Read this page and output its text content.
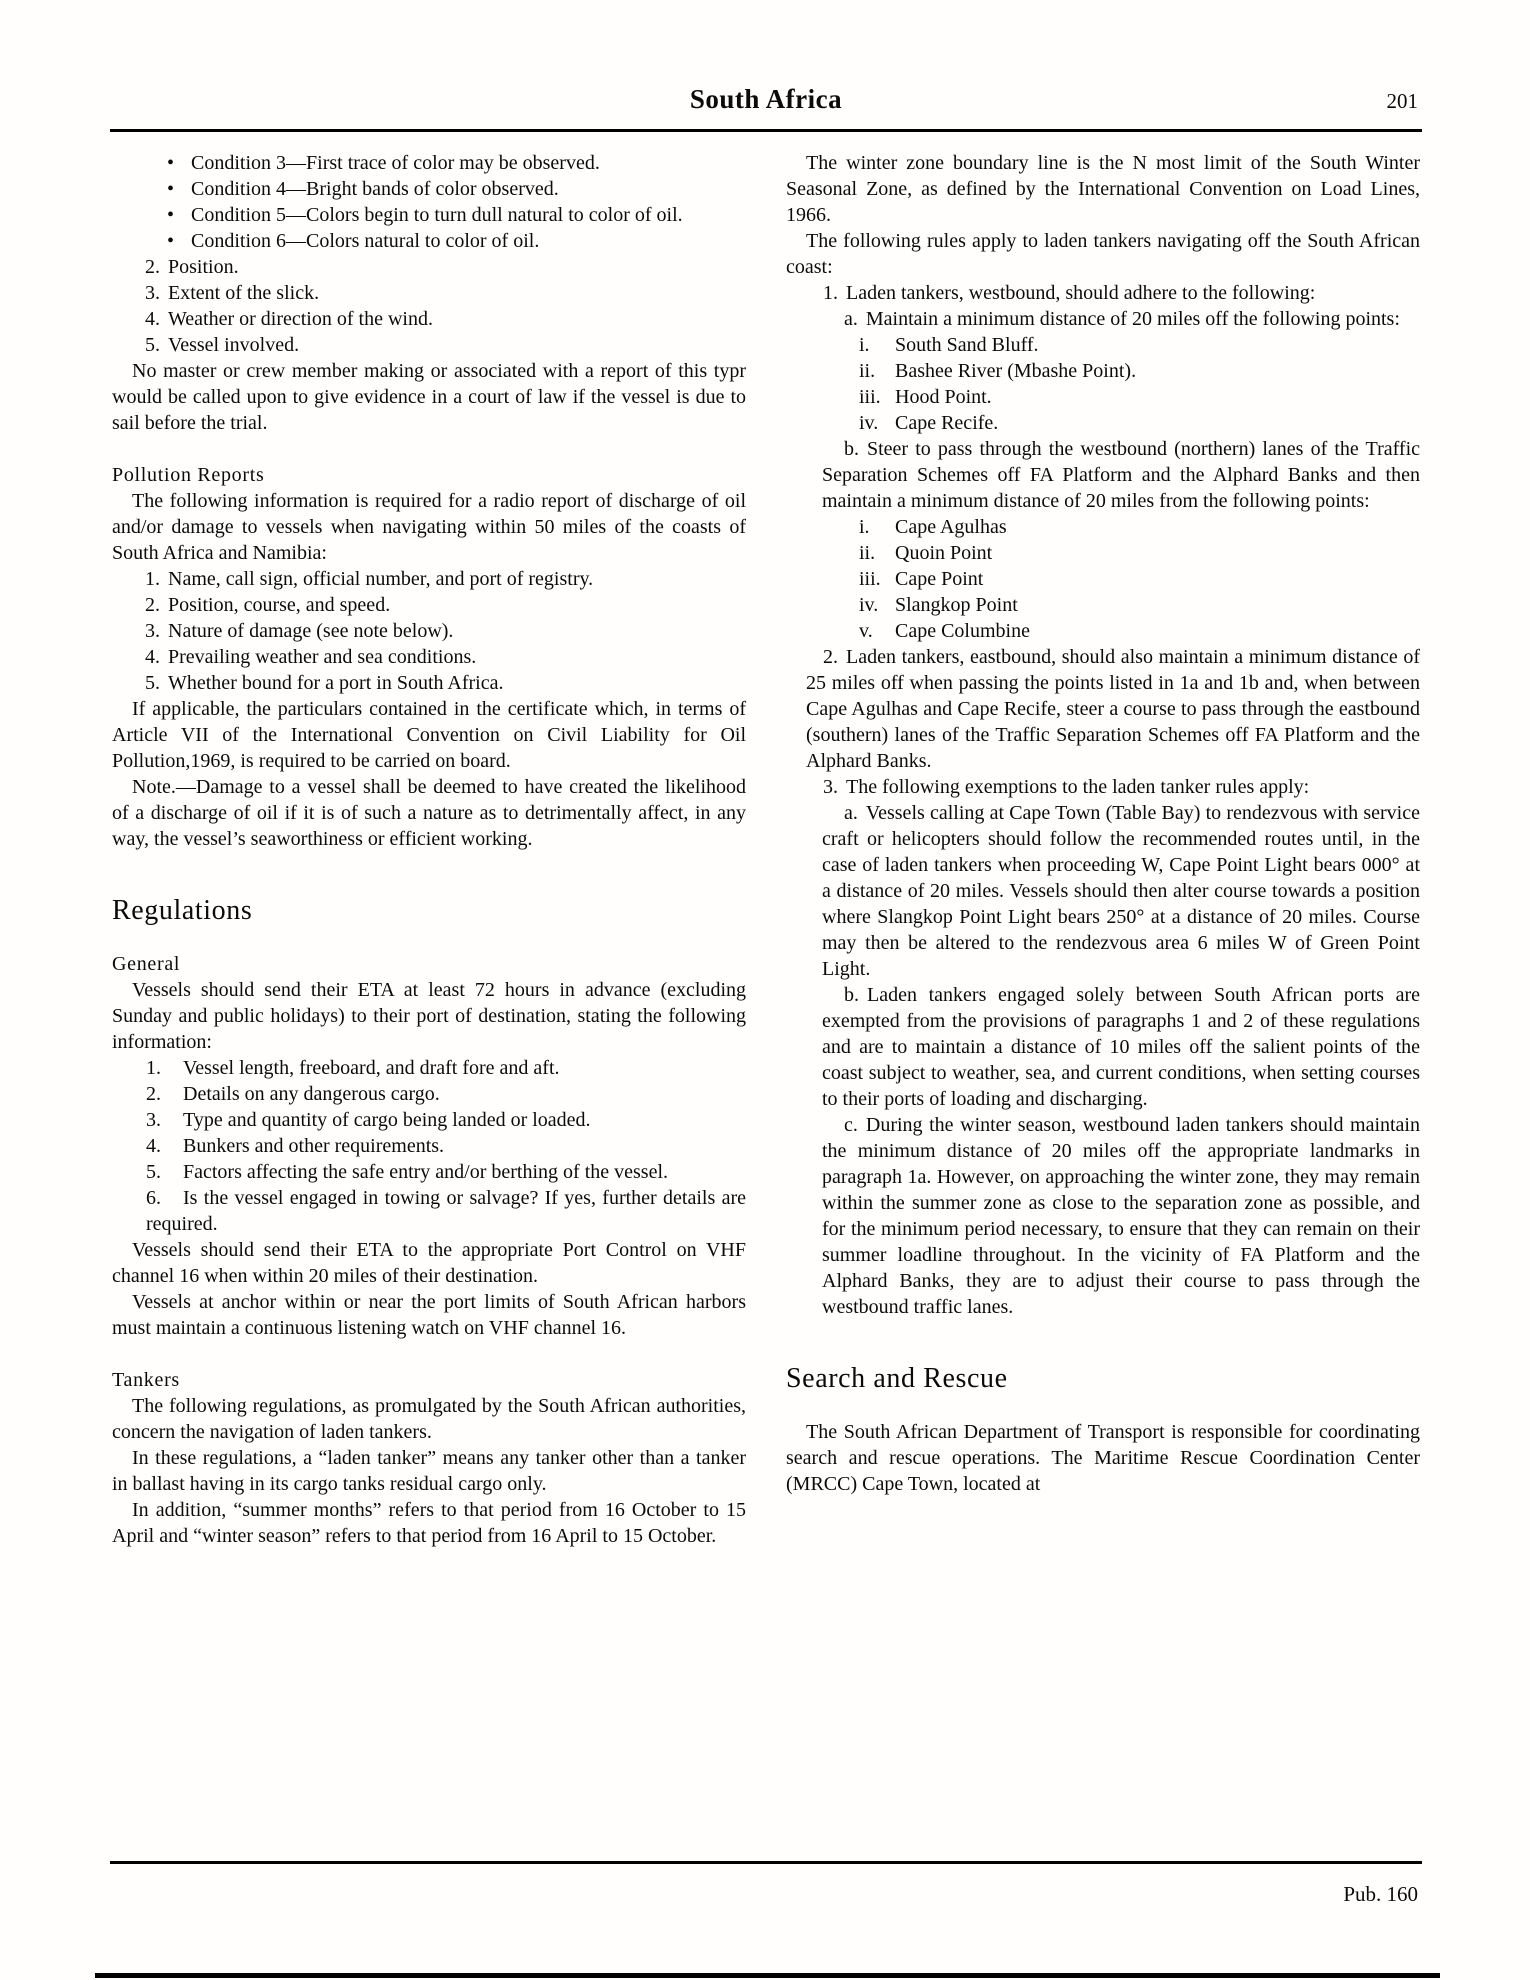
South Africa	201
• Condition 3—First trace of color may be observed.
• Condition 4—Bright bands of color observed.
• Condition 5—Colors begin to turn dull natural to color of oil.
• Condition 6—Colors natural to color of oil.
2. Position.
3. Extent of the slick.
4. Weather or direction of the wind.
5. Vessel involved.
No master or crew member making or associated with a report of this typr would be called upon to give evidence in a court of law if the vessel is due to sail before the trial.
Pollution Reports
The following information is required for a radio report of discharge of oil and/or damage to vessels when navigating within 50 miles of the coasts of South Africa and Namibia:
1. Name, call sign, official number, and port of registry.
2. Position, course, and speed.
3. Nature of damage (see note below).
4. Prevailing weather and sea conditions.
5. Whether bound for a port in South Africa.
If applicable, the particulars contained in the certificate which, in terms of Article VII of the International Convention on Civil Liability for Oil Pollution,1969, is required to be carried on board.
Note.—Damage to a vessel shall be deemed to have created the likelihood of a discharge of oil if it is of such a nature as to detrimentally affect, in any way, the vessel’s seaworthiness or efficient working.
Regulations
General
Vessels should send their ETA at least 72 hours in advance (excluding Sunday and public holidays) to their port of destination, stating the following information:
1. Vessel length, freeboard, and draft fore and aft.
2. Details on any dangerous cargo.
3. Type and quantity of cargo being landed or loaded.
4. Bunkers and other requirements.
5. Factors affecting the safe entry and/or berthing of the vessel.
6. Is the vessel engaged in towing or salvage? If yes, further details are required.
Vessels should send their ETA to the appropriate Port Control on VHF channel 16 when within 20 miles of their destination.
Vessels at anchor within or near the port limits of South African harbors must maintain a continuous listening watch on VHF channel 16.
Tankers
The following regulations, as promulgated by the South African authorities, concern the navigation of laden tankers.
In these regulations, a “laden tanker” means any tanker other than a tanker in ballast having in its cargo tanks residual cargo only.
In addition, “summer months” refers to that period from 16 October to 15 April and “winter season” refers to that period from 16 April to 15 October.
The winter zone boundary line is the N most limit of the South Winter Seasonal Zone, as defined by the International Convention on Load Lines, 1966.
The following rules apply to laden tankers navigating off the South African coast:
1. Laden tankers, westbound, should adhere to the following:
a. Maintain a minimum distance of 20 miles off the following points:
i. South Sand Bluff.
ii. Bashee River (Mbashe Point).
iii. Hood Point.
iv. Cape Recife.
b. Steer to pass through the westbound (northern) lanes of the Traffic Separation Schemes off FA Platform and the Alphard Banks and then maintain a minimum distance of 20 miles from the following points:
i. Cape Agulhas
ii. Quoin Point
iii. Cape Point
iv. Slangkop Point
v. Cape Columbine
2. Laden tankers, eastbound, should also maintain a minimum distance of 25 miles off when passing the points listed in 1a and 1b and, when between Cape Agulhas and Cape Recife, steer a course to pass through the eastbound (southern) lanes of the Traffic Separation Schemes off FA Platform and the Alphard Banks.
3. The following exemptions to the laden tanker rules apply:
a. Vessels calling at Cape Town (Table Bay) to rendezvous with service craft or helicopters should follow the recommended routes until, in the case of laden tankers when proceeding W, Cape Point Light bears 000° at a distance of 20 miles. Vessels should then alter course towards a position where Slangkop Point Light bears 250° at a distance of 20 miles. Course may then be altered to the rendezvous area 6 miles W of Green Point Light.
b. Laden tankers engaged solely between South African ports are exempted from the provisions of paragraphs 1 and 2 of these regulations and are to maintain a distance of 10 miles off the salient points of the coast subject to weather, sea, and current conditions, when setting courses to their ports of loading and discharging.
c. During the winter season, westbound laden tankers should maintain the minimum distance of 20 miles off the appropriate landmarks in paragraph 1a. However, on approaching the winter zone, they may remain within the summer zone as close to the separation zone as possible, and for the minimum period necessary, to ensure that they can remain on their summer loadline throughout. In the vicinity of FA Platform and the Alphard Banks, they are to adjust their course to pass through the westbound traffic lanes.
Search and Rescue
The South African Department of Transport is responsible for coordinating search and rescue operations. The Maritime Rescue Coordination Center (MRCC) Cape Town, located at
Pub. 160
